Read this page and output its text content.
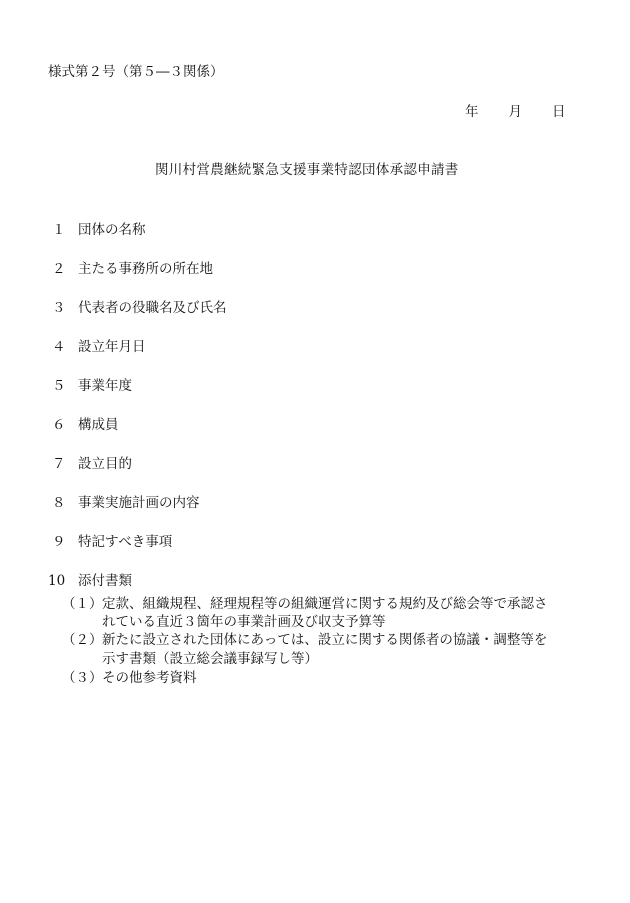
様式第２号（第５―３関係）
年 月 日
関川村営農継続緊急支援事業特認団体承認申請書
１ 団体の名称
２ 主たる事務所の所在地
３ 代表者の役職名及び氏名
４ 設立年月日
５ 事業年度
６ 構成員
７ 設立目的
８ 事業実施計画の内容
９ 特記すべき事項
10 添付書類
（１）定款、組織規程、経理規程等の組織運営に関する規約及び総会等で承認さ
れている直近３箇年の事業計画及び収支予算等
（２）新たに設立された団体にあっては、設立に関する関係者の協議・調整等を
示す書類（設立総会議事録写し等）
（３）その他参考資料
